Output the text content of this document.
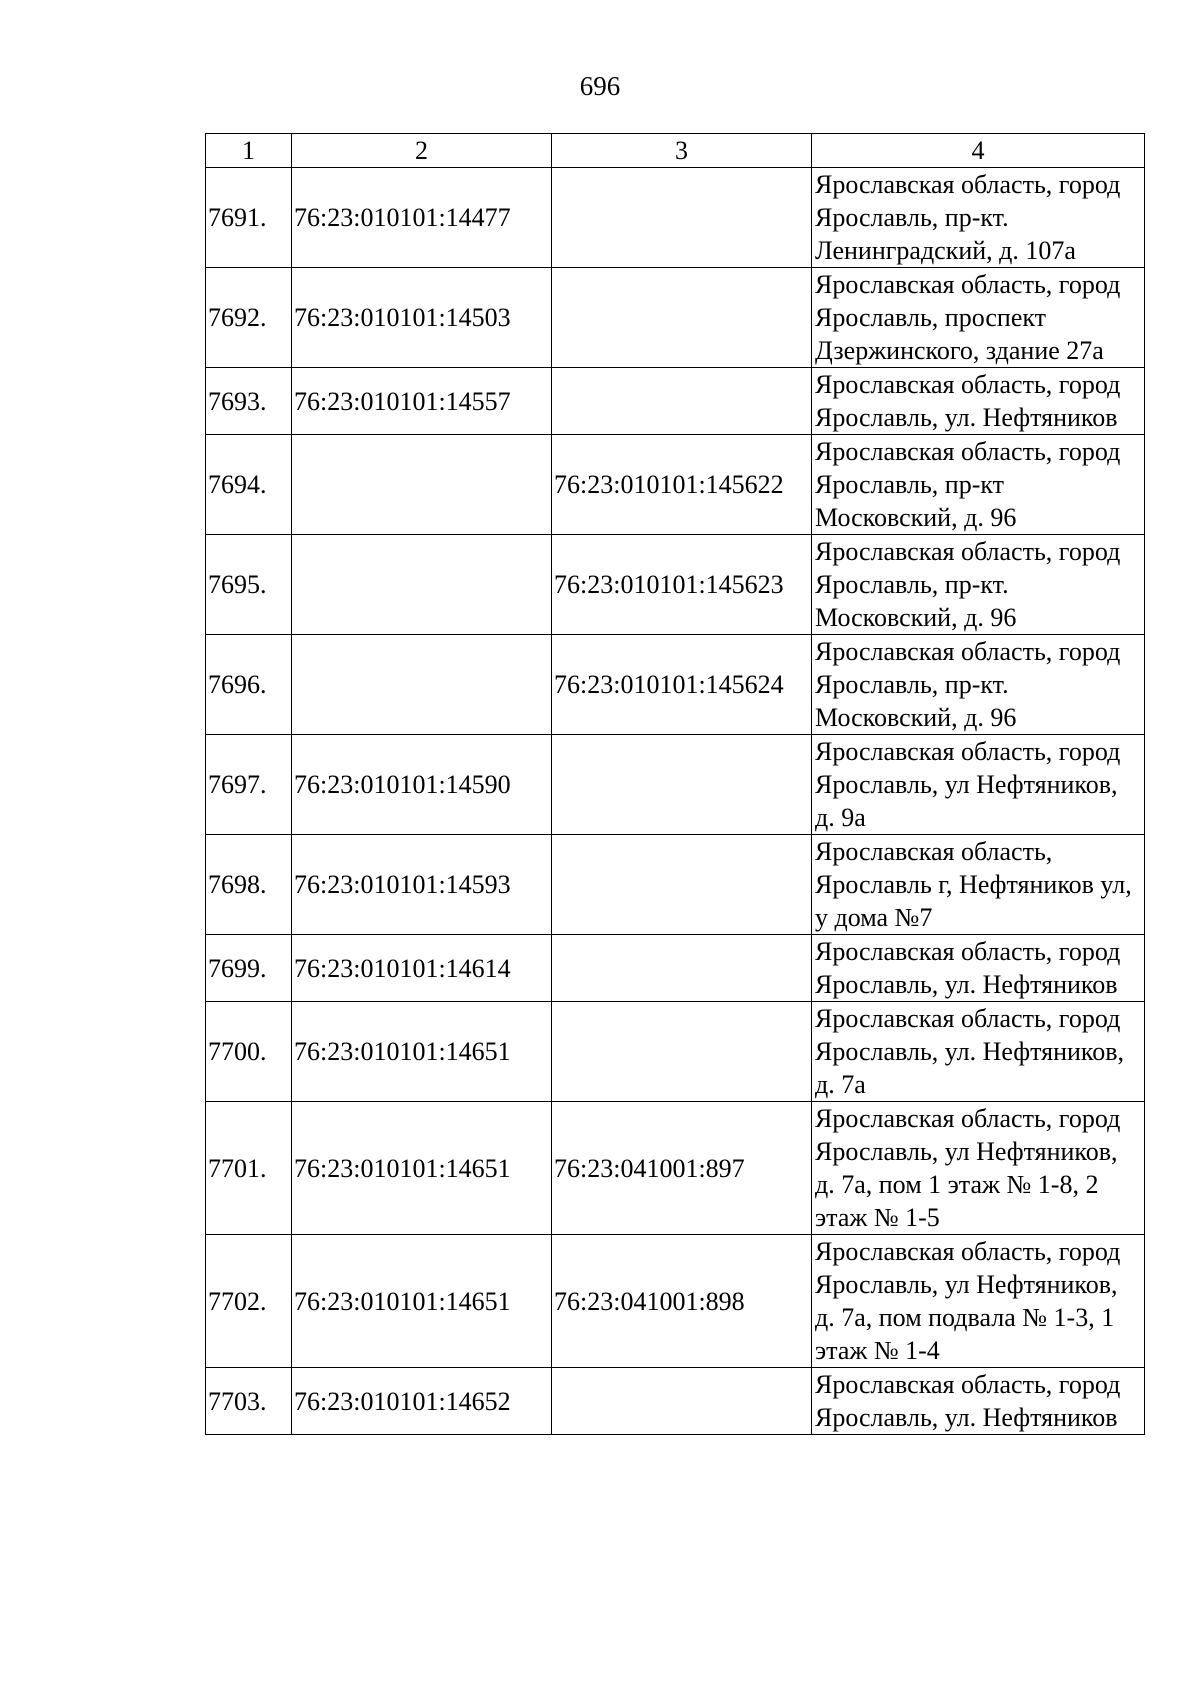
696
1	2	3	4
7691.	76:23:010101:14477		Ярославская область, город Ярославль, пр-кт. Ленинградский, д. 107а
7692.	76:23:010101:14503		Ярославская область, город Ярославль, проспект Дзержинского, здание 27а
7693.	76:23:010101:14557		Ярославская область, город Ярославль, ул. Нефтяников
7694.		76:23:010101:145622	Ярославская область, город Ярославль, пр-кт Московский, д. 96
7695.		76:23:010101:145623	Ярославская область, город Ярославль, пр-кт. Московский, д. 96
7696.		76:23:010101:145624	Ярославская область, город Ярославль, пр-кт. Московский, д. 96
7697.	76:23:010101:14590		Ярославская область, город Ярославль, ул Нефтяников, д. 9а
7698.	76:23:010101:14593		Ярославская область, Ярославль г, Нефтяников ул, у дома №7
7699.	76:23:010101:14614		Ярославская область, город Ярославль, ул. Нефтяников
7700.	76:23:010101:14651		Ярославская область, город Ярославль, ул. Нефтяников, д. 7а
7701.	76:23:010101:14651	76:23:041001:897	Ярославская область, город Ярославль, ул Нефтяников, д. 7а, пом 1 этаж № 1-8, 2 этаж № 1-5
7702.	76:23:010101:14651	76:23:041001:898	Ярославская область, город Ярославль, ул Нефтяников, д. 7а, пом подвала № 1-3, 1 этаж № 1-4
7703.	76:23:010101:14652		Ярославская область, город Ярославль, ул. Нефтяников
